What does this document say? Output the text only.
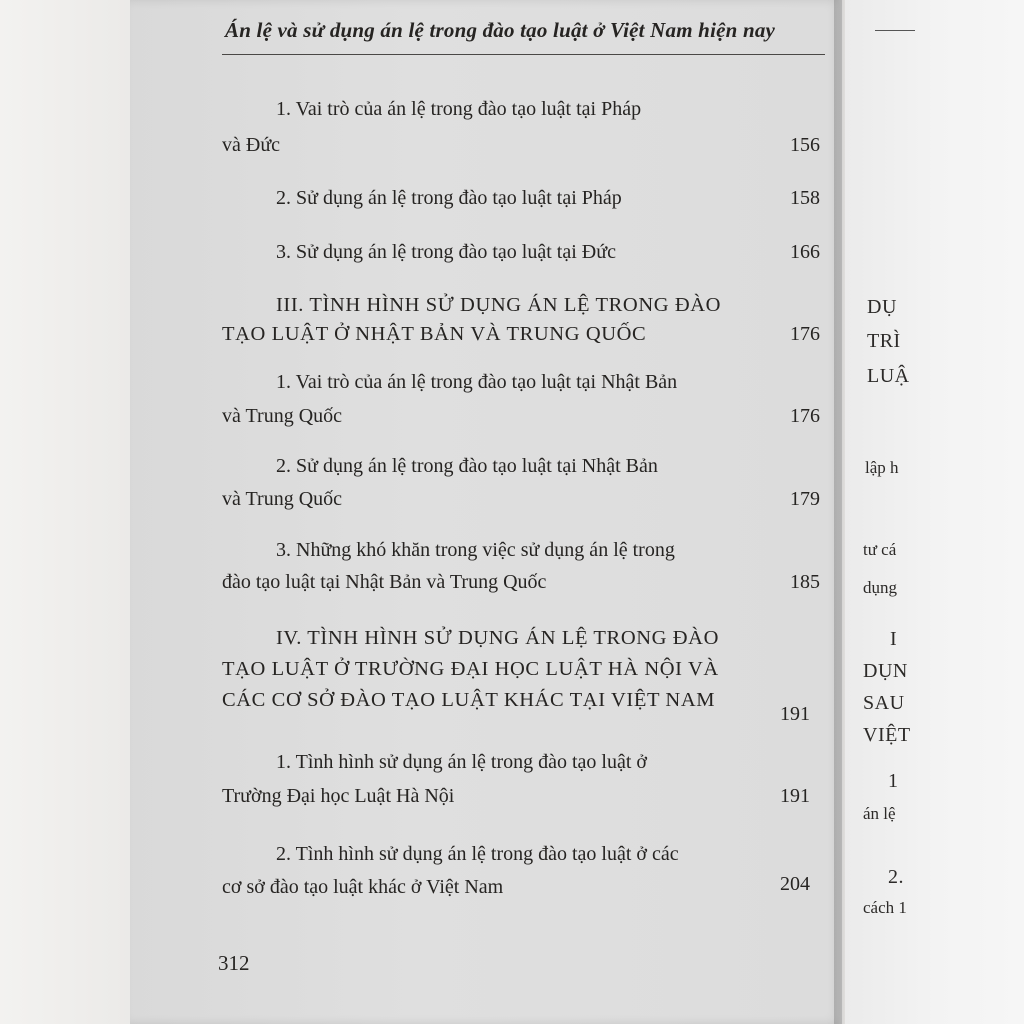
DỤ
TRÌ
LUẬ
lập h
tư cá
dụng
I
DỤN
SAU
VIỆT
1
án lệ
2.
cách 1
Án lệ và sử dụng án lệ trong đào tạo luật ở Việt Nam hiện nay
1. Vai trò của án lệ trong đào tạo luật tại Pháp
và Đức	156
2. Sử dụng án lệ trong đào tạo luật tại Pháp	158
3. Sử dụng án lệ trong đào tạo luật tại Đức	166
III. TÌNH HÌNH SỬ DỤNG ÁN LỆ TRONG ĐÀO
TẠO LUẬT Ở NHẬT BẢN VÀ TRUNG QUỐC	176
1. Vai trò của án lệ trong đào tạo luật tại Nhật Bản
và Trung Quốc	176
2. Sử dụng án lệ trong đào tạo luật tại Nhật Bản
và Trung Quốc	179
3. Những khó khăn trong việc sử dụng án lệ trong
đào tạo luật tại Nhật Bản và Trung Quốc	185
IV. TÌNH HÌNH SỬ DỤNG ÁN LỆ TRONG ĐÀO
TẠO LUẬT Ở TRƯỜNG ĐẠI HỌC LUẬT HÀ NỘI VÀ
CÁC CƠ SỞ ĐÀO TẠO LUẬT KHÁC TẠI VIỆT NAM
191
1. Tình hình sử dụng án lệ trong đào tạo luật ở
Trường Đại học Luật Hà Nội	191
2. Tình hình sử dụng án lệ trong đào tạo luật ở các
cơ sở đào tạo luật khác ở Việt Nam	204
312
